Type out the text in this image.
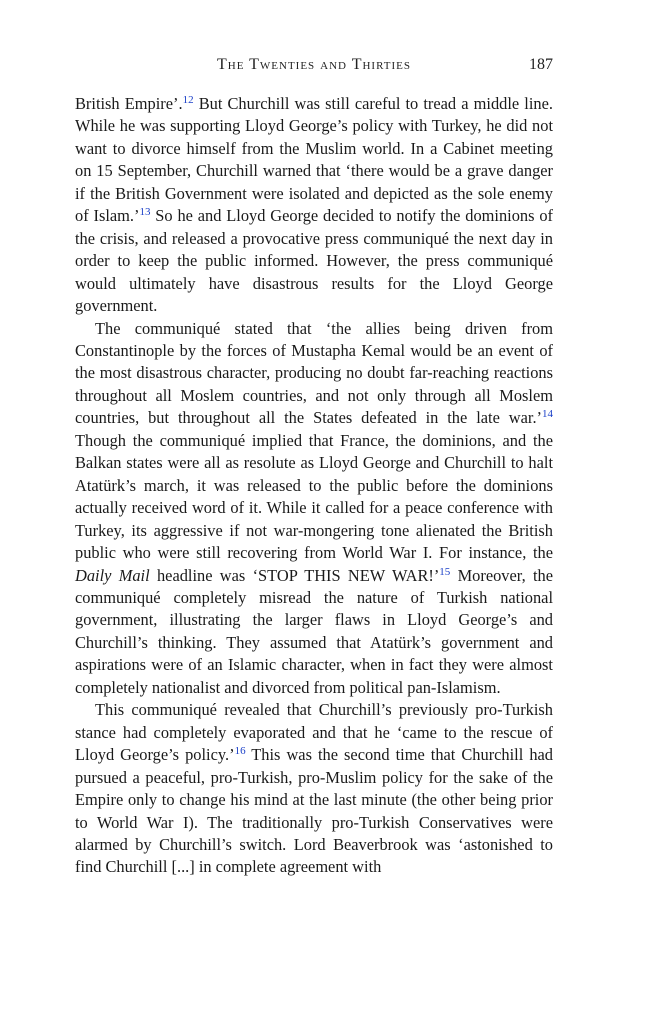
The Twenties and Thirties	187

British Empire’.$^{12}$ But Churchill was still careful to tread a middle line. While he was supporting Lloyd George’s policy with Turkey, he did not want to divorce himself from the Muslim world. In a Cabinet meeting on 15 September, Churchill warned that ‘there would be a grave danger if the British Government were isolated and depicted as the sole enemy of Islam.’$^{13}$ So he and Lloyd George decided to notify the dominions of the crisis, and released a provocative press communiqué the next day in order to keep the public informed. However, the press communiqué would ultimately have disastrous results for the Lloyd George government.

The communiqué stated that ‘the allies being driven from Constantinople by the forces of Mustapha Kemal would be an event of the most disastrous character, producing no doubt far-reaching reactions throughout all Moslem countries, and not only through all Moslem countries, but throughout all the States defeated in the late war.’$^{14}$ Though the communiqué implied that France, the dominions, and the Balkan states were all as resolute as Lloyd George and Churchill to halt Atatürk’s march, it was released to the public before the dominions actually received word of it. While it called for a peace conference with Turkey, its aggressive if not war-mongering tone alienated the British public who were still recovering from World War I. For instance, the Daily Mail headline was ‘STOP THIS NEW WAR!’$^{15}$ Moreover, the communiqué completely misread the nature of Turkish national government, illustrating the larger flaws in Lloyd George’s and Churchill’s thinking. They assumed that Atatürk’s government and aspirations were of an Islamic character, when in fact they were almost completely nationalist and divorced from political pan-Islamism.

This communiqué revealed that Churchill’s previously pro-Turkish stance had completely evaporated and that he ‘came to the rescue of Lloyd George’s policy.’$^{16}$ This was the second time that Churchill had pursued a peaceful, pro-Turkish, pro-Muslim policy for the sake of the Empire only to change his mind at the last minute (the other being prior to World War I). The traditionally pro-Turkish Conservatives were alarmed by Churchill’s switch. Lord Beaverbrook was ‘astonished to find Churchill [...] in complete agreement with
